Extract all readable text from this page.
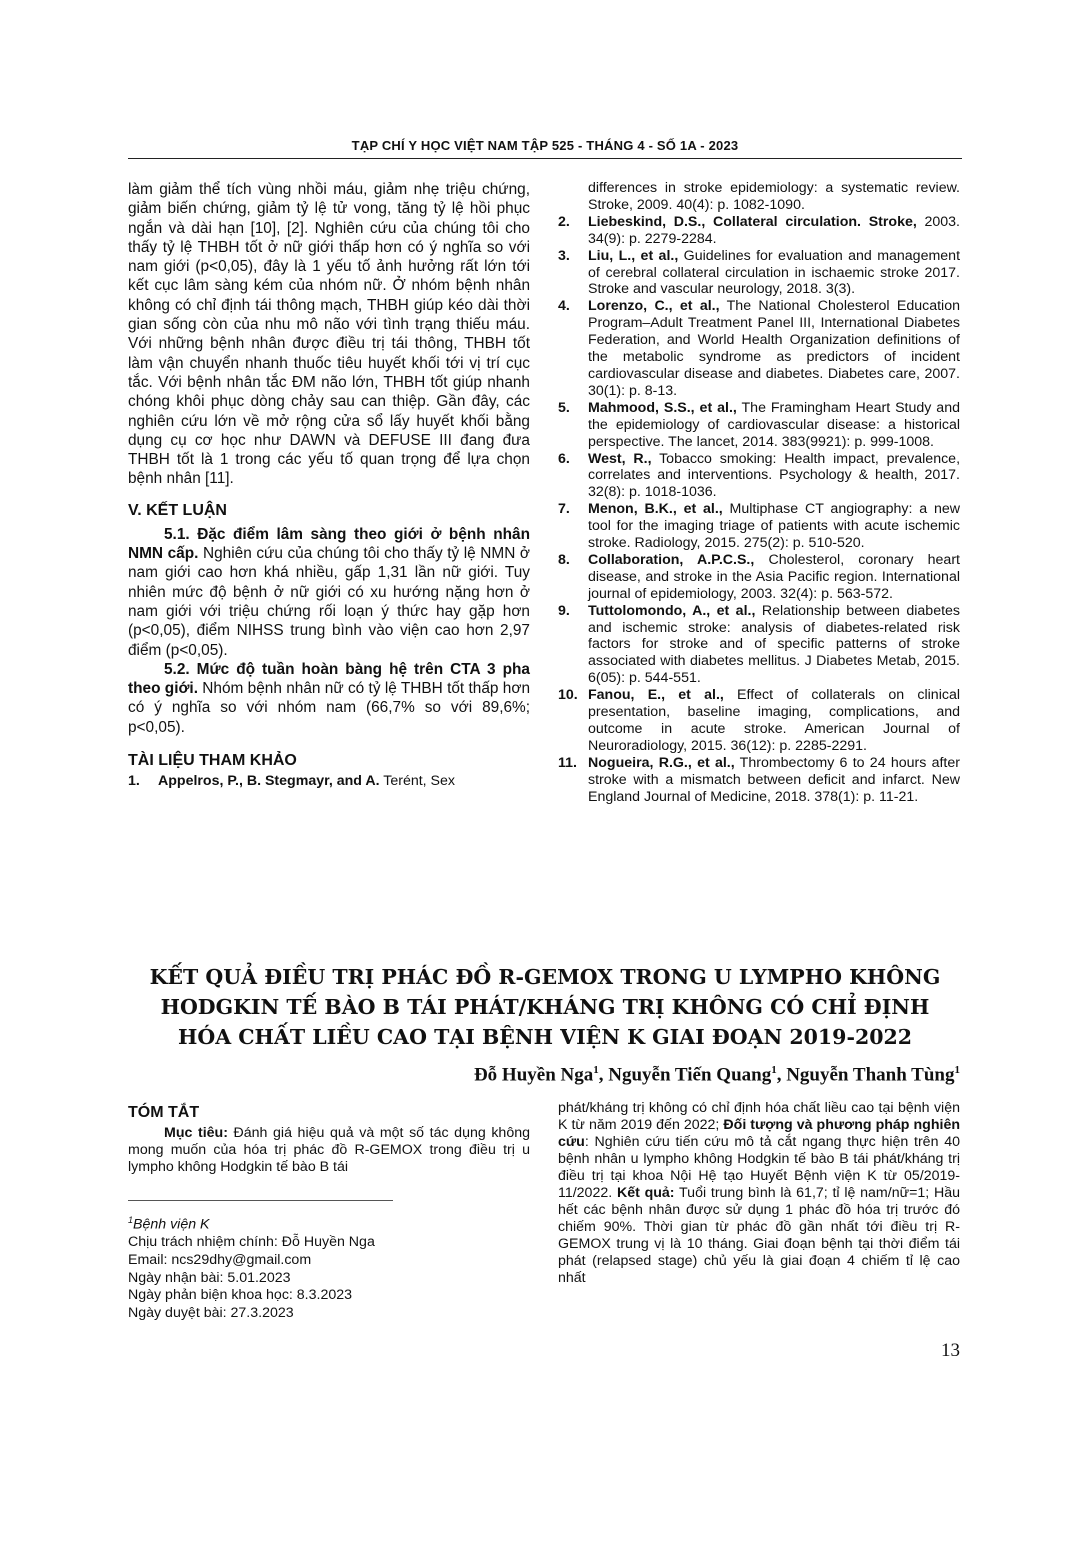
TẠP CHÍ Y HỌC VIỆT NAM TẬP 525 - THÁNG 4 - SỐ 1A - 2023

làm giảm thể tích vùng nhồi máu, giảm nhẹ triệu chứng, giảm biến chứng, giảm tỷ lệ tử vong, tăng tỷ lệ hồi phục ngắn và dài hạn [10], [2]. Nghiên cứu của chúng tôi cho thấy tỷ lệ THBH tốt ở nữ giới thấp hơn có ý nghĩa so với nam giới (p<0,05), đây là 1 yếu tố ảnh hưởng rất lớn tới kết cục lâm sàng kém của nhóm nữ. Ở nhóm bệnh nhân không có chỉ định tái thông mạch, THBH giúp kéo dài thời gian sống còn của nhu mô não với tình trạng thiếu máu. Với những bệnh nhân được điều trị tái thông, THBH tốt làm vận chuyển nhanh thuốc tiêu huyết khối tới vị trí cục tắc. Với bệnh nhân tắc ĐM não lớn, THBH tốt giúp nhanh chóng khôi phục dòng chảy sau can thiệp. Gần đây, các nghiên cứu lớn về mở rộng cửa sổ lấy huyết khối bằng dụng cụ cơ học như DAWN và DEFUSE III đang đưa THBH tốt là 1 trong các yếu tố quan trọng để lựa chọn bệnh nhân [11].

V. KẾT LUẬN

5.1. Đặc điểm lâm sàng theo giới ở bệnh nhân NMN cấp. Nghiên cứu của chúng tôi cho thấy tỷ lệ NMN ở nam giới cao hơn khá nhiều, gấp 1,31 lần nữ giới. Tuy nhiên mức độ bệnh ở nữ giới có xu hướng nặng hơn ở nam giới với triệu chứng rối loạn ý thức hay gặp hơn (p<0,05), điểm NIHSS trung bình vào viện cao hơn 2,97 điểm (p<0,05).

5.2. Mức độ tuần hoàn bàng hệ trên CTA 3 pha theo giới. Nhóm bệnh nhân nữ có tỷ lệ THBH tốt thấp hơn có ý nghĩa so với nhóm nam (66,7% so với 89,6%; p<0,05).

TÀI LIỆU THAM KHẢO
1. Appelros, P., B. Stegmayr, and A. Terént, Sex
differences in stroke epidemiology: a systematic review. Stroke, 2009. 40(4): p. 1082-1090.
2. Liebeskind, D.S., Collateral circulation. Stroke, 2003. 34(9): p. 2279-2284.
3. Liu, L., et al., Guidelines for evaluation and management of cerebral collateral circulation in ischaemic stroke 2017. Stroke and vascular neurology, 2018. 3(3).
4. Lorenzo, C., et al., The National Cholesterol Education Program–Adult Treatment Panel III, International Diabetes Federation, and World Health Organization definitions of the metabolic syndrome as predictors of incident cardiovascular disease and diabetes. Diabetes care, 2007. 30(1): p. 8-13.
5. Mahmood, S.S., et al., The Framingham Heart Study and the epidemiology of cardiovascular disease: a historical perspective. The lancet, 2014. 383(9921): p. 999-1008.
6. West, R., Tobacco smoking: Health impact, prevalence, correlates and interventions. Psychology & health, 2017. 32(8): p. 1018-1036.
7. Menon, B.K., et al., Multiphase CT angiography: a new tool for the imaging triage of patients with acute ischemic stroke. Radiology, 2015. 275(2): p. 510-520.
8. Collaboration, A.P.C.S., Cholesterol, coronary heart disease, and stroke in the Asia Pacific region. International journal of epidemiology, 2003. 32(4): p. 563-572.
9. Tuttolomondo, A., et al., Relationship between diabetes and ischemic stroke: analysis of diabetes-related risk factors for stroke and of specific patterns of stroke associated with diabetes mellitus. J Diabetes Metab, 2015. 6(05): p. 544-551.
10. Fanou, E., et al., Effect of collaterals on clinical presentation, baseline imaging, complications, and outcome in acute stroke. American Journal of Neuroradiology, 2015. 36(12): p. 2285-2291.
11. Nogueira, R.G., et al., Thrombectomy 6 to 24 hours after stroke with a mismatch between deficit and infarct. New England Journal of Medicine, 2018. 378(1): p. 11-21.
KẾT QUẢ ĐIỀU TRỊ PHÁC ĐỒ R-GEMOX TRONG U LYMPHO KHÔNG
HODGKIN TẾ BÀO B TÁI PHÁT/KHÁNG TRỊ KHÔNG CÓ CHỈ ĐỊNH
HÓA CHẤT LIỀU CAO TẠI BỆNH VIỆN K GIAI ĐOẠN 2019-2022
Đỗ Huyền Nga$^1$, Nguyễn Tiến Quang$^1$, Nguyễn Thanh Tùng$^1$
TÓM TẮT

Mục tiêu: Đánh giá hiệu quả và một số tác dụng không mong muốn của hóa trị phác đồ R-GEMOX trong điều trị u lympho không Hodgkin tế bào B tái

$^1$Bệnh viện K
Chịu trách nhiệm chính: Đỗ Huyền Nga
Email: ncs29dhy@gmail.com
Ngày nhận bài: 5.01.2023
Ngày phản biện khoa học: 8.3.2023
Ngày duyệt bài: 27.3.2023

phát/kháng trị không có chỉ định hóa chất liều cao tại bệnh viện K từ năm 2019 đến 2022; Đối tượng và phương pháp nghiên cứu: Nghiên cứu tiến cứu mô tả cắt ngang thực hiện trên 40 bệnh nhân u lympho không Hodgkin tế bào B tái phát/kháng trị điều trị tại khoa Nội Hệ tạo Huyết Bệnh viện K từ 05/2019-11/2022. Kết quả: Tuổi trung bình là 61,7; tỉ lệ nam/nữ=1; Hầu hết các bệnh nhân được sử dụng 1 phác đồ hóa trị trước đó chiếm 90%. Thời gian từ phác đồ gần nhất tới điều trị R-GEMOX trung vị là 10 tháng. Giai đoạn bệnh tại thời điểm tái phát (relapsed stage) chủ yếu là giai đoạn 4 chiếm tỉ lệ cao nhất

13
